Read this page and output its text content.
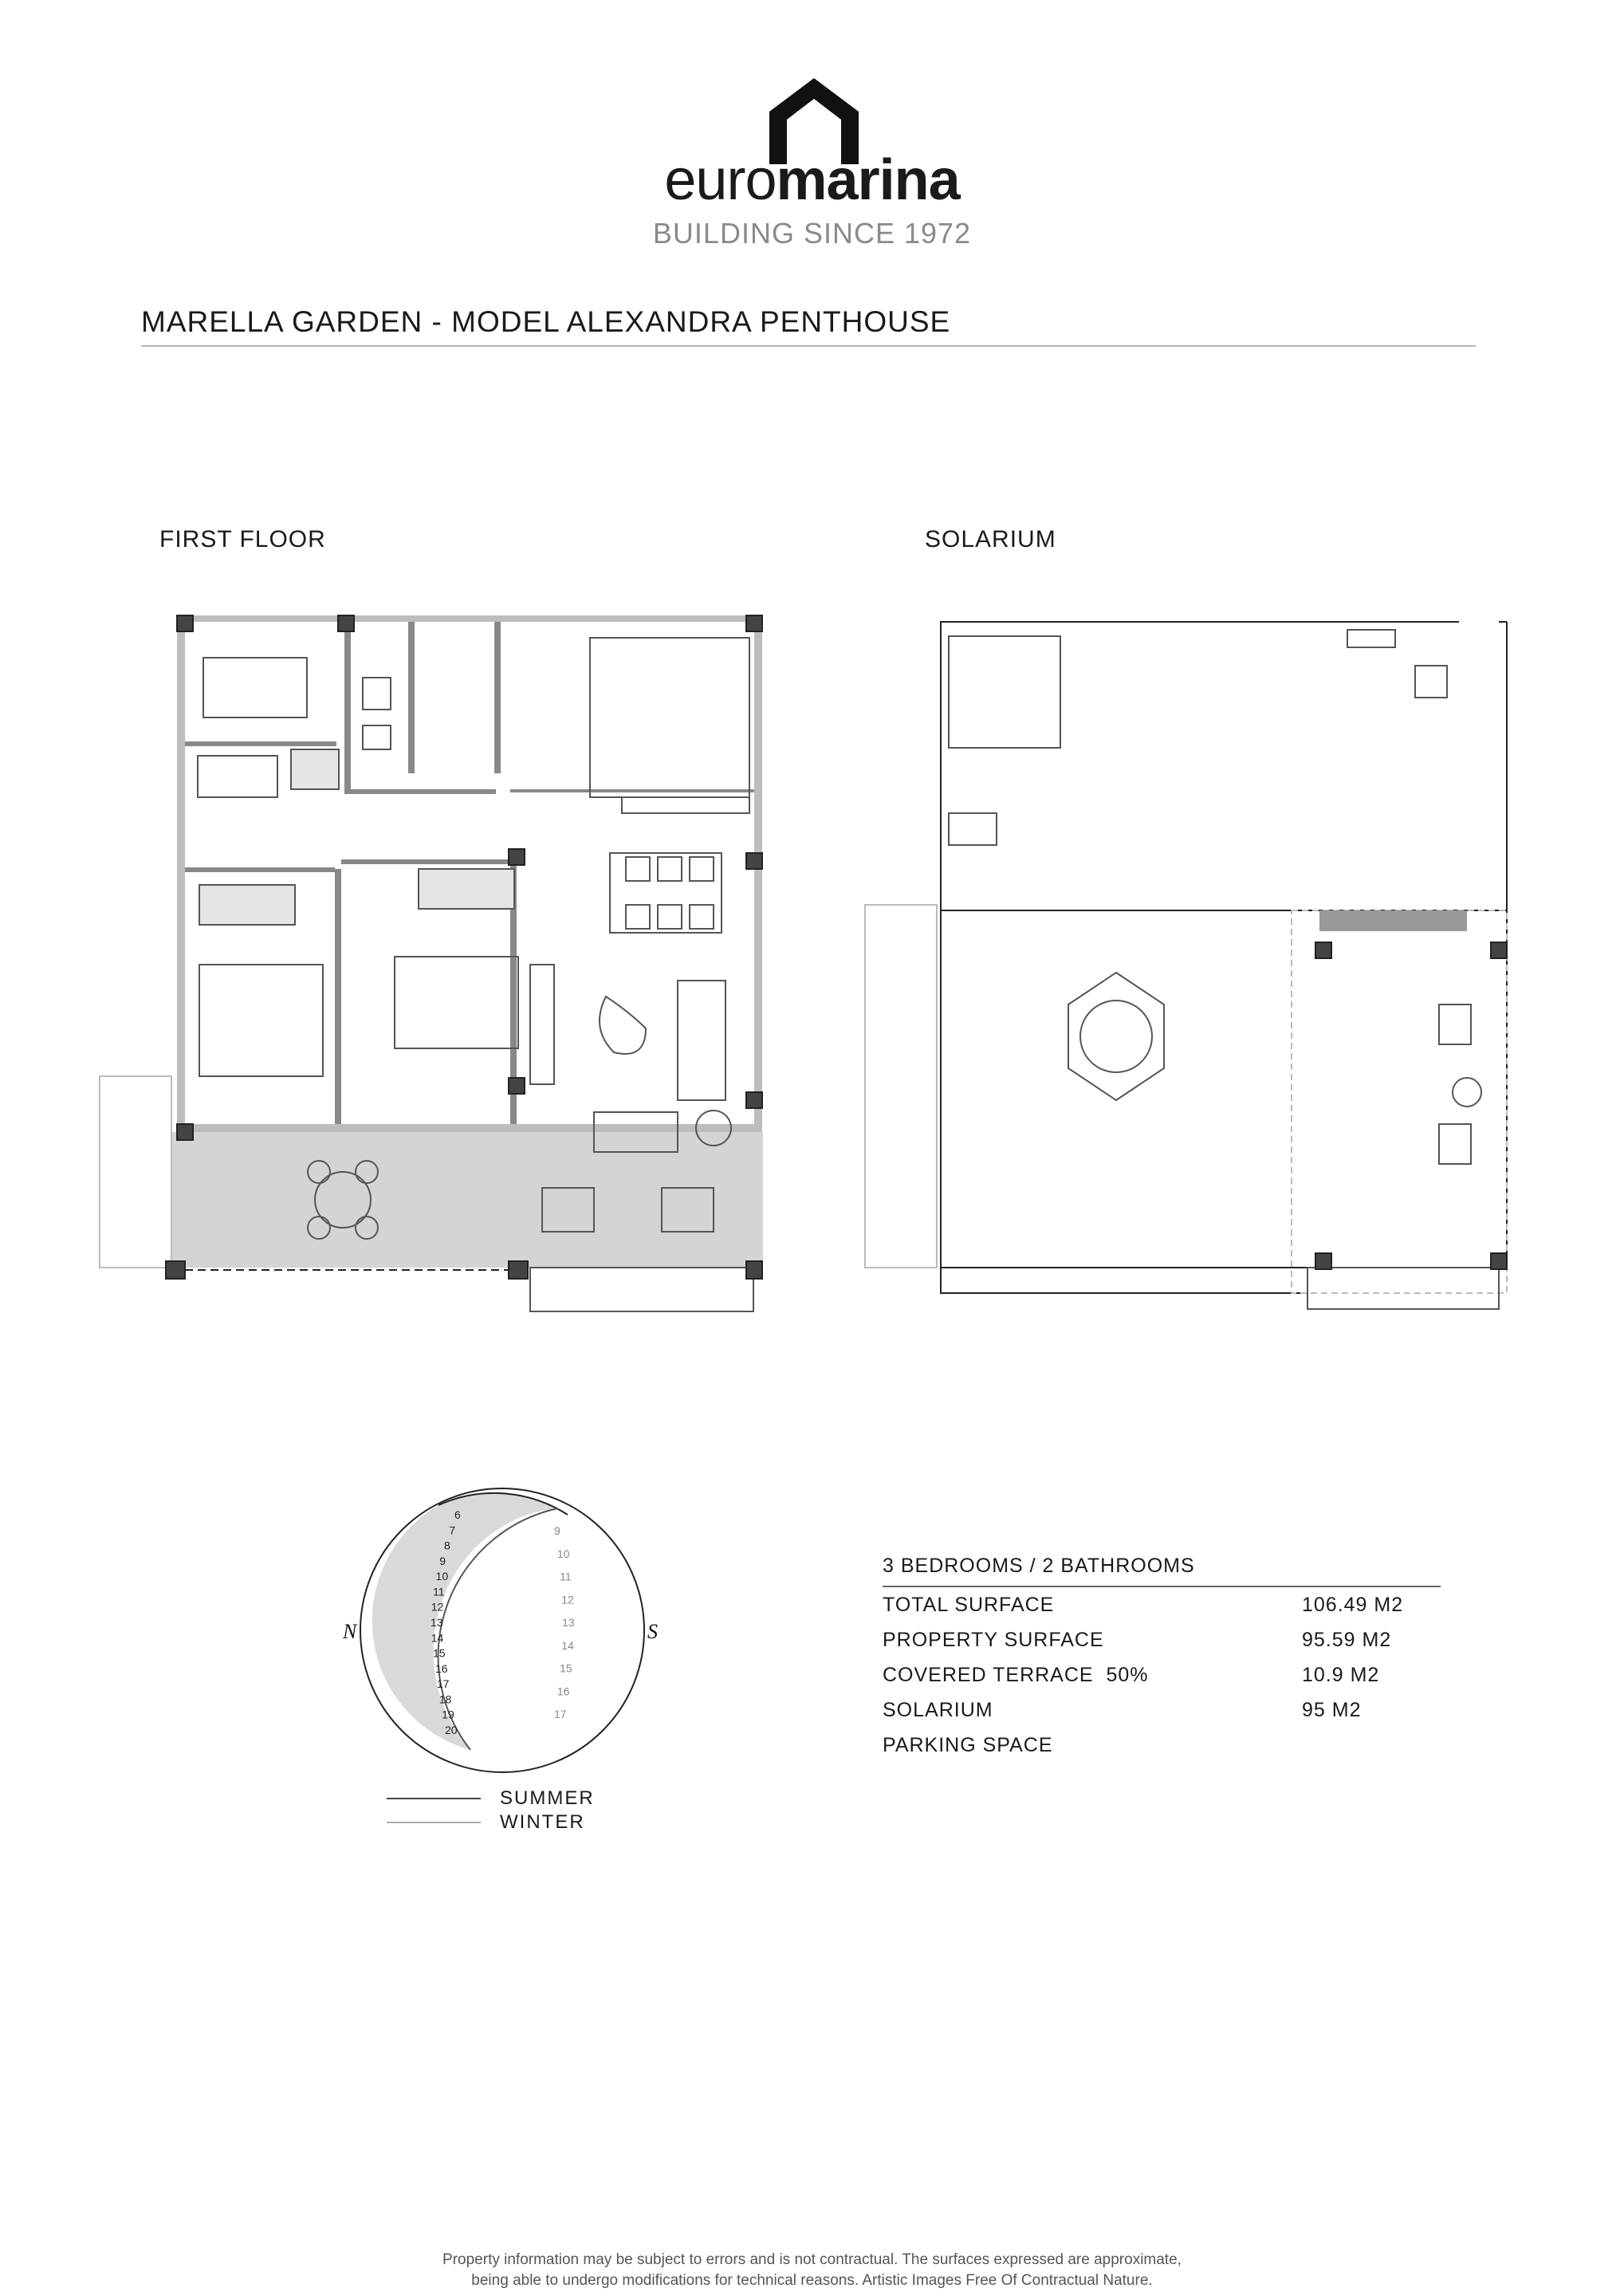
euromarina
BUILDING SINCE 1972
MARELLA GARDEN - MODEL ALEXANDRA PENTHOUSE
FIRST FLOOR	SOLARIUM
N	S
6
7
8
9
10
11
12
13
14
15
16
17
18
19
20
9
10
11
12
13
14
15
16
17
SUMMER
WINTER
3 BEDROOMS / 2 BATHROOMS
TOTAL SURFACE	106.49 M2
PROPERTY SURFACE	95.59 M2
COVERED TERRACE  50%	10.9 M2
SOLARIUM	95 M2
PARKING SPACE
Property information may be subject to errors and is not contractual. The surfaces expressed are approximate,
being able to undergo modifications for technical reasons. Artistic Images Free Of Contractual Nature.
